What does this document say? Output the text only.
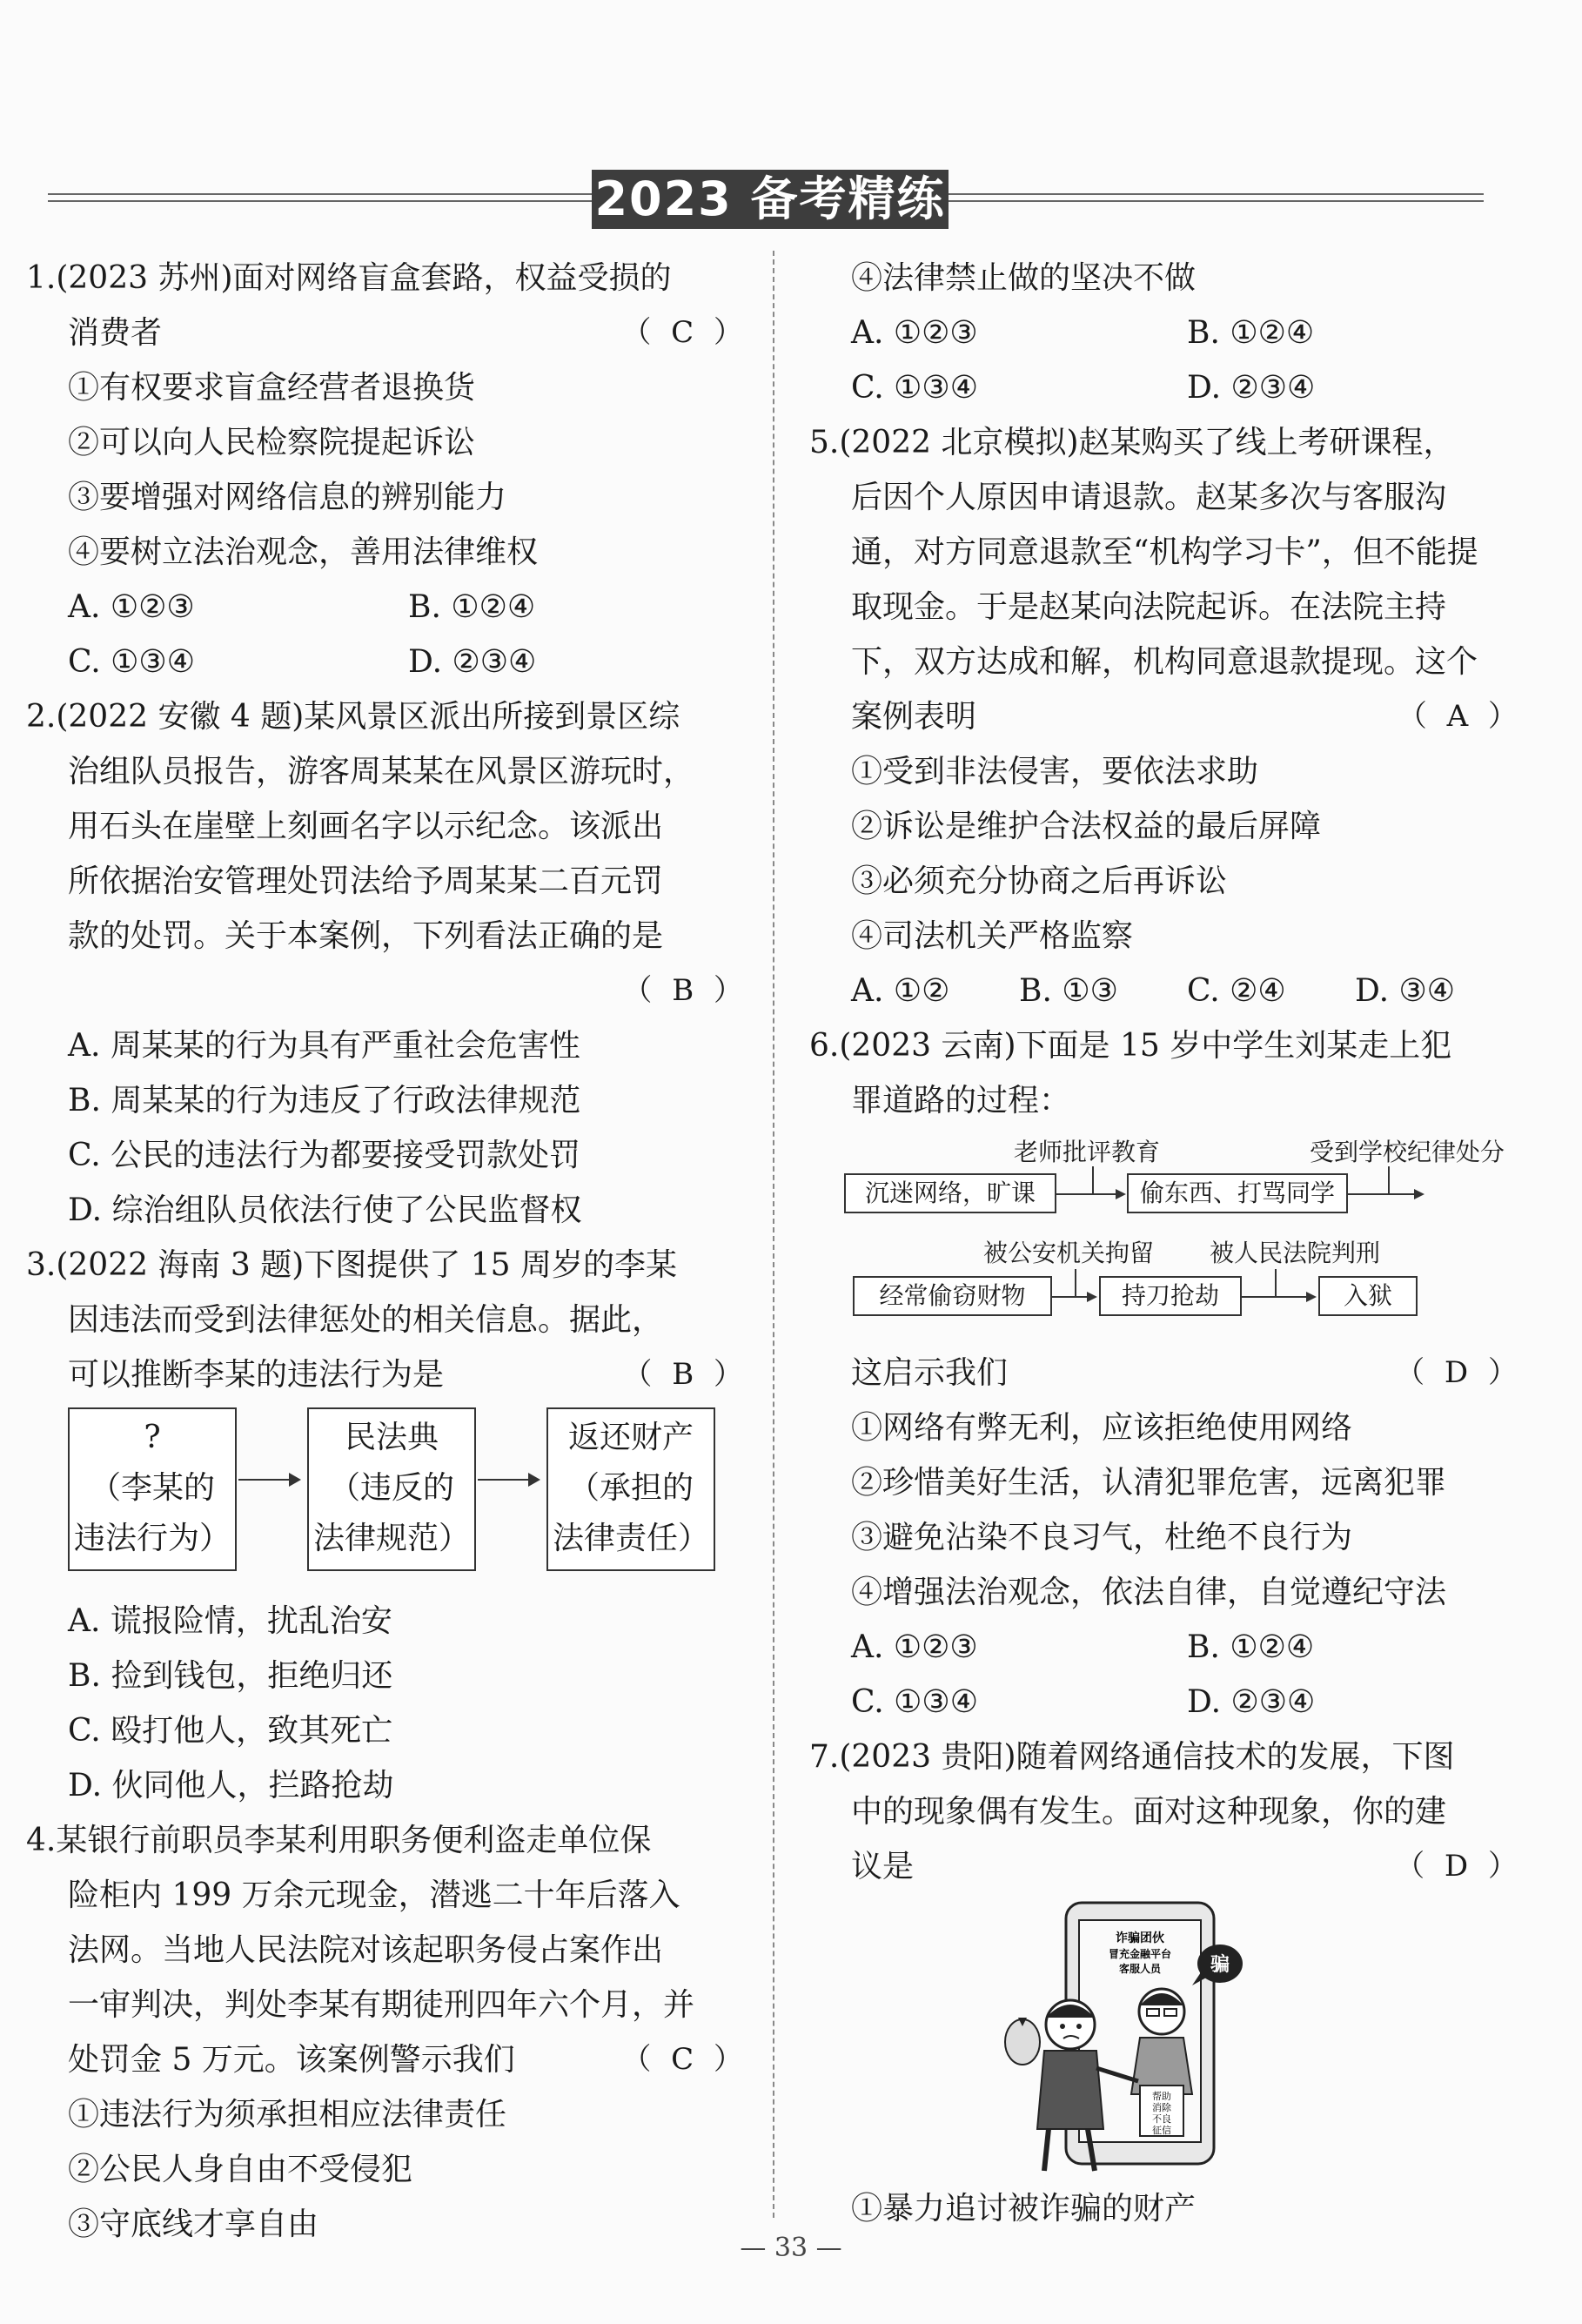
2023 备考精练
1.(2023 苏州)面对网络盲盒套路，权益受损的
消费者	（ C ）
①有权要求盲盒经营者退换货
②可以向人民检察院提起诉讼
③要增强对网络信息的辨别能力
④要树立法治观念，善用法律维权
A. ①②③	B. ①②④
C. ①③④	D. ②③④
2.(2022 安徽 4 题)某风景区派出所接到景区综
治组队员报告，游客周某某在风景区游玩时，
用石头在崖壁上刻画名字以示纪念。该派出
所依据治安管理处罚法给予周某某二百元罚
款的处罚。关于本案例，下列看法正确的是
（ B ）
A. 周某某的行为具有严重社会危害性
B. 周某某的行为违反了行政法律规范
C. 公民的违法行为都要接受罚款处罚
D. 综治组队员依法行使了公民监督权
3.(2022 海南 3 题)下图提供了 15 周岁的李某
因违法而受到法律惩处的相关信息。据此，
可以推断李某的违法行为是	（ B ）
?
（李某的
违法行为）
民法典
（违反的
法律规范）
返还财产
（承担的
法律责任）
A. 谎报险情，扰乱治安
B. 捡到钱包，拒绝归还
C. 殴打他人，致其死亡
D. 伙同他人，拦路抢劫
4.某银行前职员李某利用职务便利盗走单位保
险柜内 199 万余元现金，潜逃二十年后落入
法网。当地人民法院对该起职务侵占案作出
一审判决，判处李某有期徒刑四年六个月，并
处罚金 5 万元。该案例警示我们	（ C ）
①违法行为须承担相应法律责任
②公民人身自由不受侵犯
③守底线才享自由
④法律禁止做的坚决不做
A. ①②③	B. ①②④
C. ①③④	D. ②③④
5.(2022 北京模拟)赵某购买了线上考研课程，
后因个人原因申请退款。赵某多次与客服沟
通，对方同意退款至“机构学习卡”，但不能提
取现金。于是赵某向法院起诉。在法院主持
下，双方达成和解，机构同意退款提现。这个
案例表明	（ A ）
①受到非法侵害，要依法求助
②诉讼是维护合法权益的最后屏障
③必须充分协商之后再诉讼
④司法机关严格监察
A. ①②	B. ①③	C. ②④	D. ③④
6.(2023 云南)下面是 15 岁中学生刘某走上犯
罪道路的过程：
老师批评教育	受到学校纪律处分
沉迷网络，旷课	偷东西、打骂同学
被公安机关拘留 被人民法院判刑
经常偷窃财物	持刀抢劫	入狱
这启示我们	（ D ）
①网络有弊无利，应该拒绝使用网络
②珍惜美好生活，认清犯罪危害，远离犯罪
③避免沾染不良习气，杜绝不良行为
④增强法治观念，依法自律，自觉遵纪守法
A. ①②③	B. ①②④
C. ①③④	D. ②③④
7.(2023 贵阳)随着网络通信技术的发展，下图
中的现象偶有发生。面对这种现象，你的建
议是	（ D ）
诈骗团伙
冒充金融平台
客服人员	骗
帮助
消除
不良
征信
①暴力追讨被诈骗的财产
— 33 —
